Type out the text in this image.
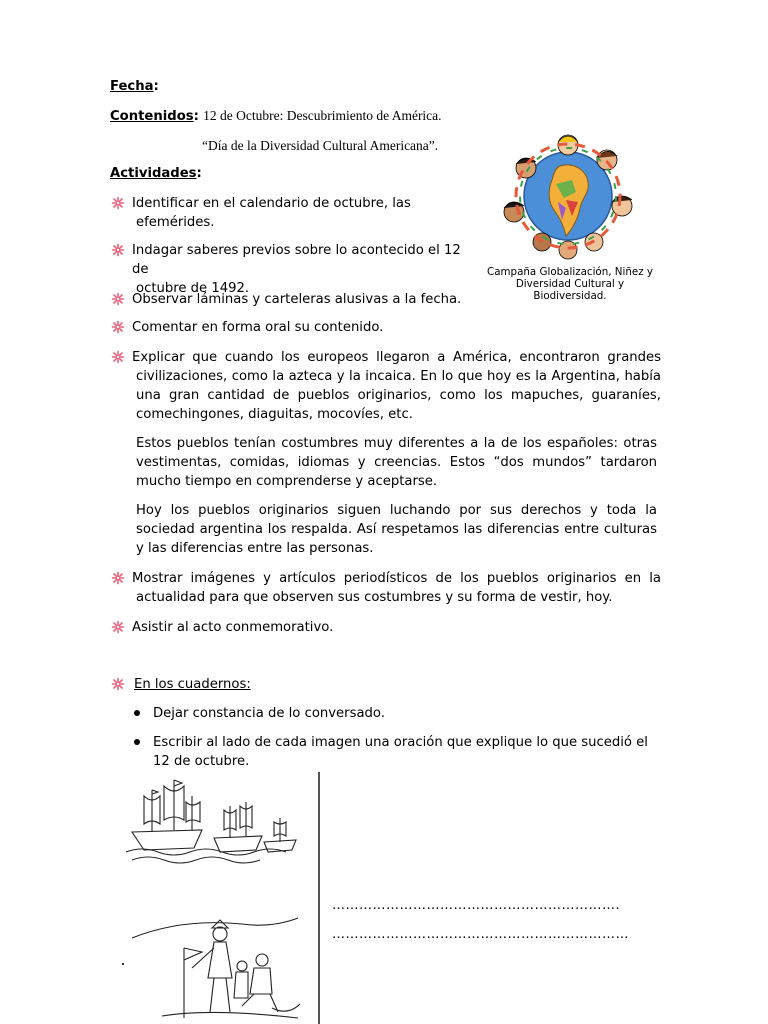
Fecha:
Contenidos: 12 de Octubre: Descubrimiento de América.
“Día de la Diversidad Cultural Americana”.
Actividades:
Campaña Globalización, Niñez y
Diversidad Cultural y Biodiversidad.
Identificar en el calendario de octubre, las
efemérides.
Indagar saberes previos sobre lo acontecido el 12 de
octubre de 1492.
Observar láminas y carteleras alusivas a la fecha.
Comentar en forma oral su contenido.
Explicar que cuando los europeos llegaron a América, encontraron grandes civilizaciones, como la azteca y la incaica. En lo que hoy es la Argentina, había una gran cantidad de pueblos originarios, como los mapuches, guaraníes, comechingones, diaguitas, mocovíes, etc.
Estos pueblos tenían costumbres muy diferentes a la de los españoles: otras vestimentas, comidas, idiomas y creencias. Estos “dos mundos” tardaron mucho tiempo en comprenderse y aceptarse.
Hoy los pueblos originarios siguen luchando por sus derechos y toda la sociedad argentina los respalda. Así respetamos las diferencias entre culturas y las diferencias entre las personas.
Mostrar imágenes y artículos periodísticos de los pueblos originarios en la actualidad para que observen sus costumbres y su forma de vestir, hoy.
Asistir al acto conmemorativo.
En los cuadernos:
Dejar constancia de lo conversado.
Escribir al lado de cada imagen una oración que explique lo que sucedió el 12 de octubre.
……………………………………………………….
…………………………………………………………
